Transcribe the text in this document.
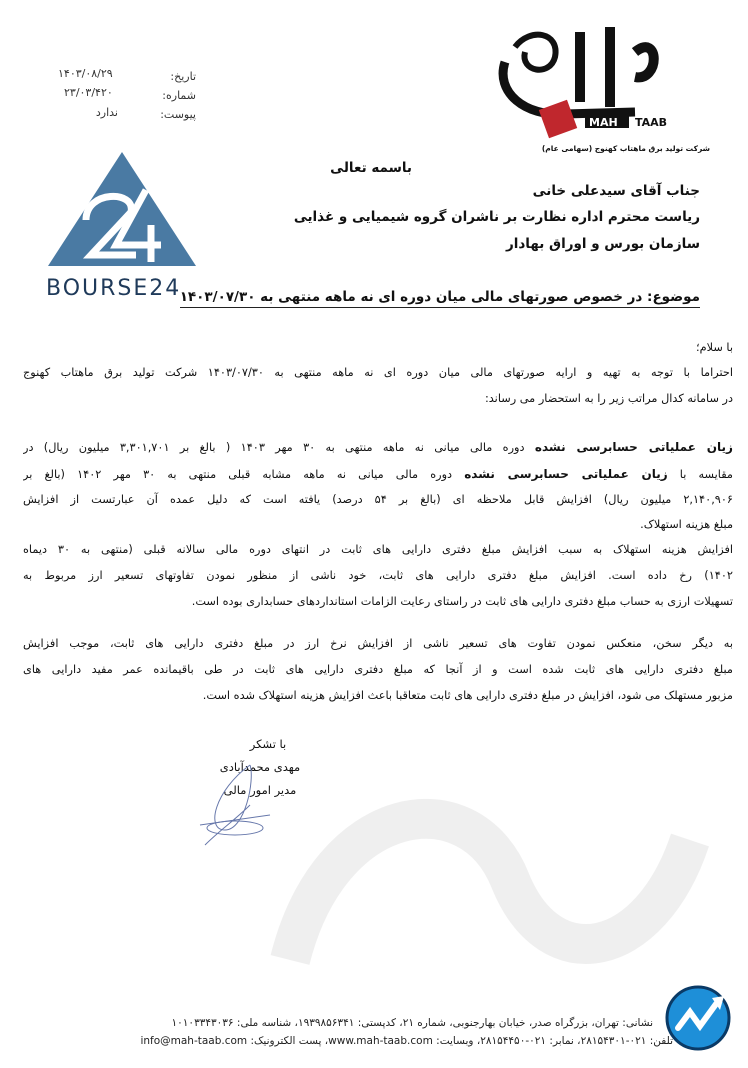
تاریخ:
۱۴۰۳/۰۸/۲۹
شماره:
۲۳/۰۳/۴۲۰
پیوست:
ندارد
MAH TAAB
شرکت تولید برق ماهتاب کهنوج (سهامی عام)
BOURSE24
باسمه تعالی
جناب آقای سیدعلی خانی
ریاست محترم اداره نظارت بر ناشران گروه شیمیایی و غذایی
سازمان بورس و اوراق بهادار
موضوع: در خصوص صورتهای مالی میان دوره ای نه ماهه منتهی به ۱۴۰۳/۰۷/۳۰
با سلام؛
احتراما با توجه به تهیه و ارایه صورتهای مالی میان دوره ای نه ماهه منتهی به ۱۴۰۳/۰۷/۳۰ شرکت تولید برق ماهتاب کهنوج
در سامانه کدال مراتب زیر را به استحضار می رساند:
زیان عملیاتی حسابرسی نشده دوره مالی میانی نه ماهه منتهی به ۳۰ مهر ۱۴۰۳ ( بالغ بر ۳,۳۰۱,۷۰۱ میلیون ریال) در
مقایسه با زیان عملیاتی حسابرسی نشده دوره مالی میانی نه ماهه مشابه قبلی منتهی به ۳۰ مهر ۱۴۰۲ (بالغ بر
۲,۱۴۰,۹۰۶ میلیون ریال) افزایش قابل ملاحظه ای (بالغ بر ۵۴ درصد) یافته است که دلیل عمده آن عبارتست از افزایش
مبلغ هزینه استهلاک.
افزایش هزینه استهلاک به سبب افزایش مبلغ دفتری دارایی های ثابت در انتهای دوره مالی سالانه قبلی (منتهی به ۳۰ دیماه
۱۴۰۲) رخ داده است. افزایش مبلغ دفتری دارایی های ثابت، خود ناشی از منظور نمودن تفاوتهای تسعیر ارز مربوط به
تسهیلات ارزی به حساب مبلغ دفتری دارایی های ثابت در راستای رعایت الزامات استانداردهای حسابداری بوده است.
به دیگر سخن، منعکس نمودن تفاوت های تسعیر ناشی از افزایش نرخ ارز در مبلغ دفتری دارایی های ثابت، موجب افزایش
مبلغ دفتری دارایی های ثابت شده است و از آنجا که مبلغ دفتری دارایی های ثابت در طی باقیمانده عمر مفید دارایی های
مزبور مستهلک می شود، افزایش در مبلغ دفتری دارایی های ثابت متعاقبا باعث افزایش هزینه استهلاک شده است.
با تشکر
مهدی محمدآبادی
مدیر امور مالی
نشانی: تهران، بزرگراه صدر، خیابان بهارجنوبی، شماره ۲۱، کدپستی: ۱۹۳۹۸۵۶۳۴۱، شناسه ملی: ۱۰۱۰۳۳۴۳۰۳۶
تلفن: ۰۲۱-۲۸۱۵۴۳۰۱، نمابر: ۰۲۱-۲۸۱۵۴۴۵۰، وبسایت: www.mah-taab.com، پست الکترونیک: info@mah-taab.com
